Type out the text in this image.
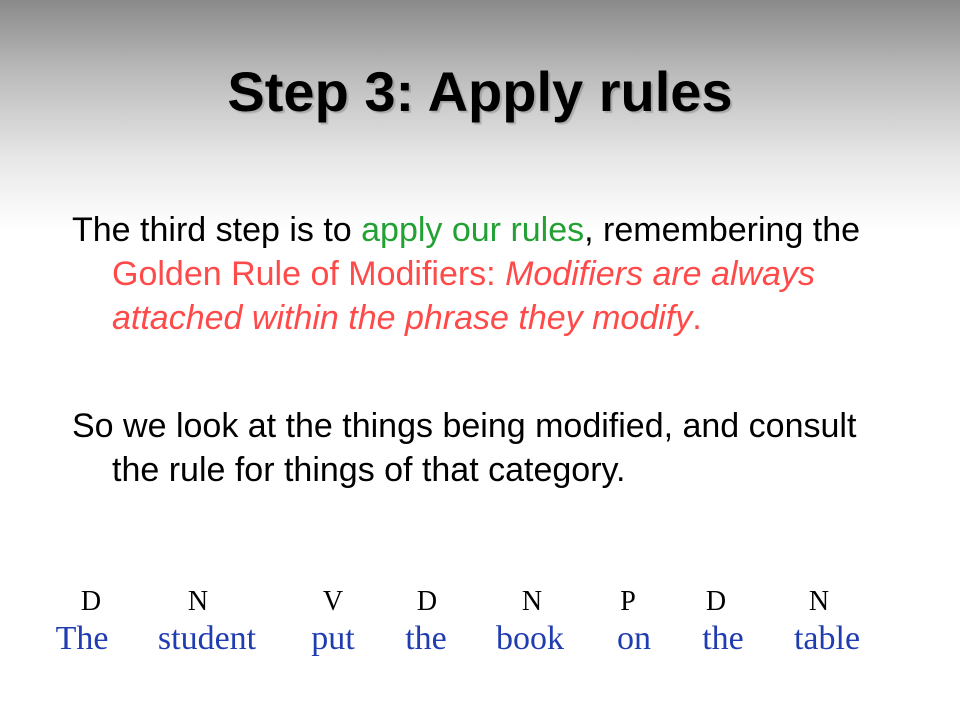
Step 3: Apply rules
The third step is to apply our rules, remembering the Golden Rule of Modifiers: Modifiers are always attached within the phrase they modify.
So we look at the things being modified, and consult the rule for things of that category.
D	N	V	D	N	P	D	N
The student put the book on the table
